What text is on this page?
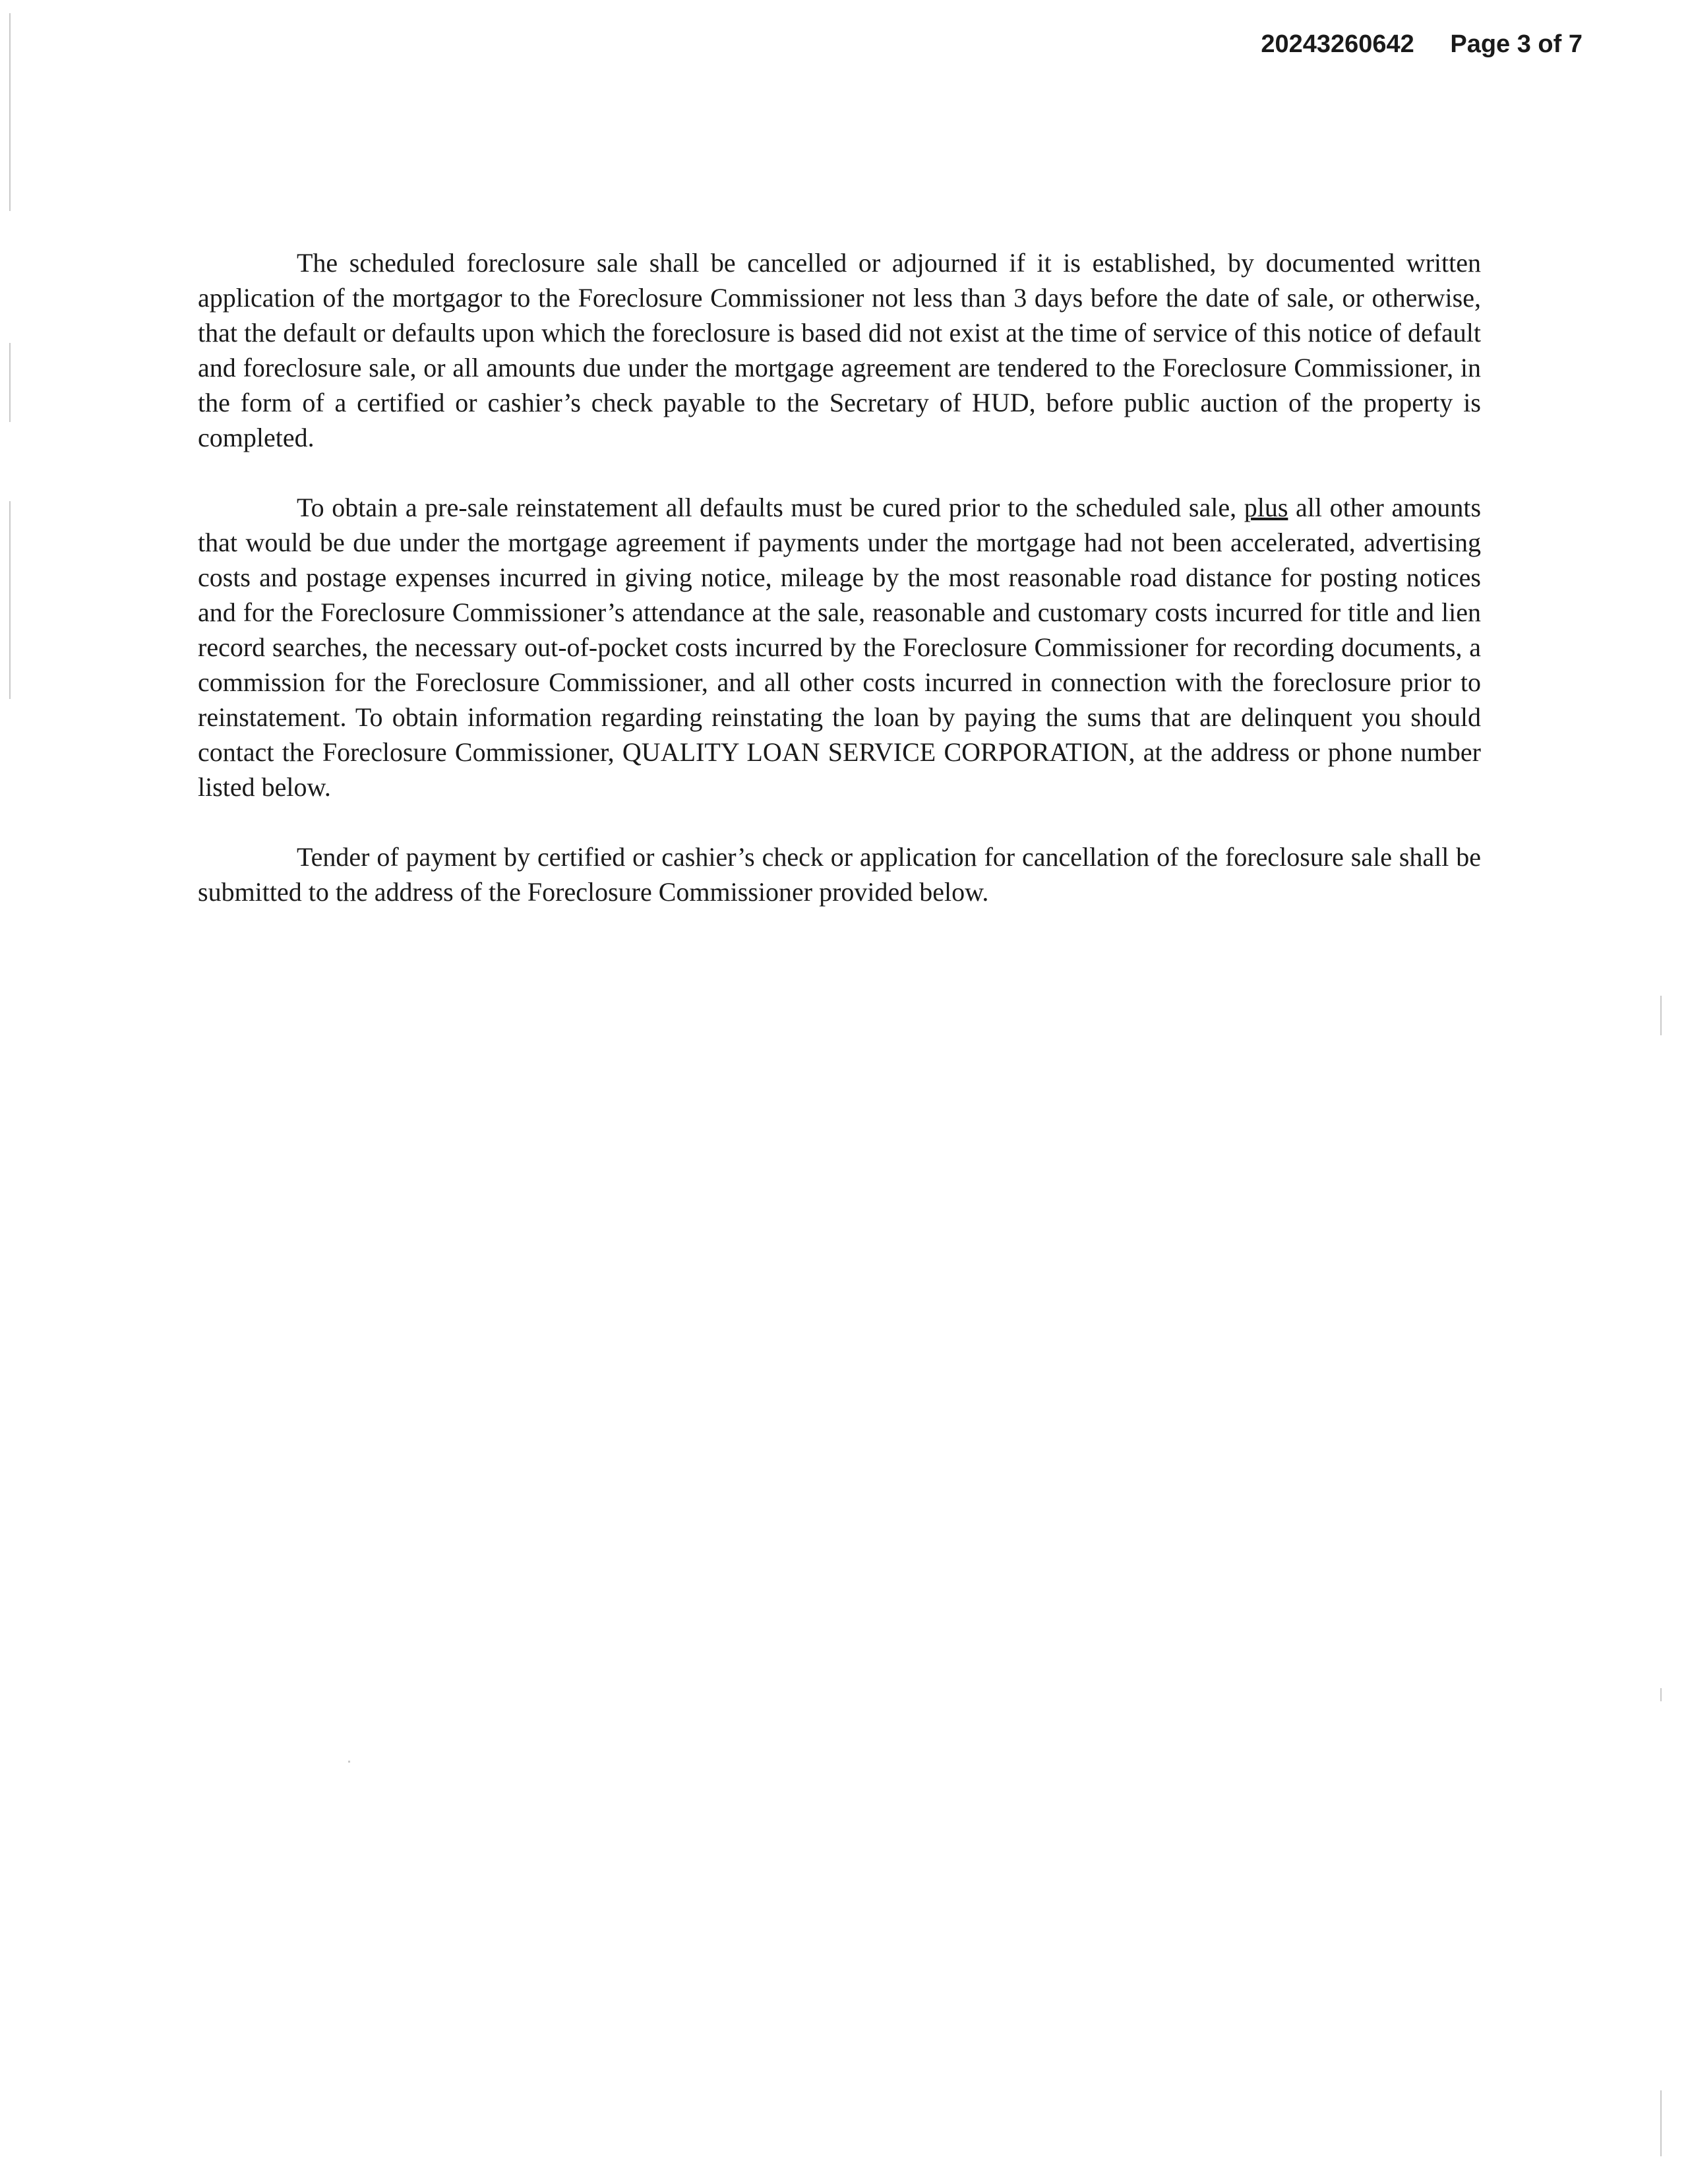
20243260642 Page 3 of 7

The scheduled foreclosure sale shall be cancelled or adjourned if it is established, by documented written application of the mortgagor to the Foreclosure Commissioner not less than 3 days before the date of sale, or otherwise, that the default or defaults upon which the foreclosure is based did not exist at the time of service of this notice of default and foreclosure sale, or all amounts due under the mortgage agreement are tendered to the Foreclosure Commissioner, in the form of a certified or cashier’s check payable to the Secretary of HUD, before public auction of the property is completed.

To obtain a pre-sale reinstatement all defaults must be cured prior to the scheduled sale, plus all other amounts that would be due under the mortgage agreement if payments under the mortgage had not been accelerated, advertising costs and postage expenses incurred in giving notice, mileage by the most reasonable road distance for posting notices and for the Foreclosure Commissioner’s attendance at the sale, reasonable and customary costs incurred for title and lien record searches, the necessary out-of-pocket costs incurred by the Foreclosure Commissioner for recording documents, a commission for the Foreclosure Commissioner, and all other costs incurred in connection with the foreclosure prior to reinstatement. To obtain information regarding reinstating the loan by paying the sums that are delinquent you should contact the Foreclosure Commissioner, QUALITY LOAN SERVICE CORPORATION, at the address or phone number listed below.

Tender of payment by certified or cashier’s check or application for cancellation of the foreclosure sale shall be submitted to the address of the Foreclosure Commissioner provided below.
